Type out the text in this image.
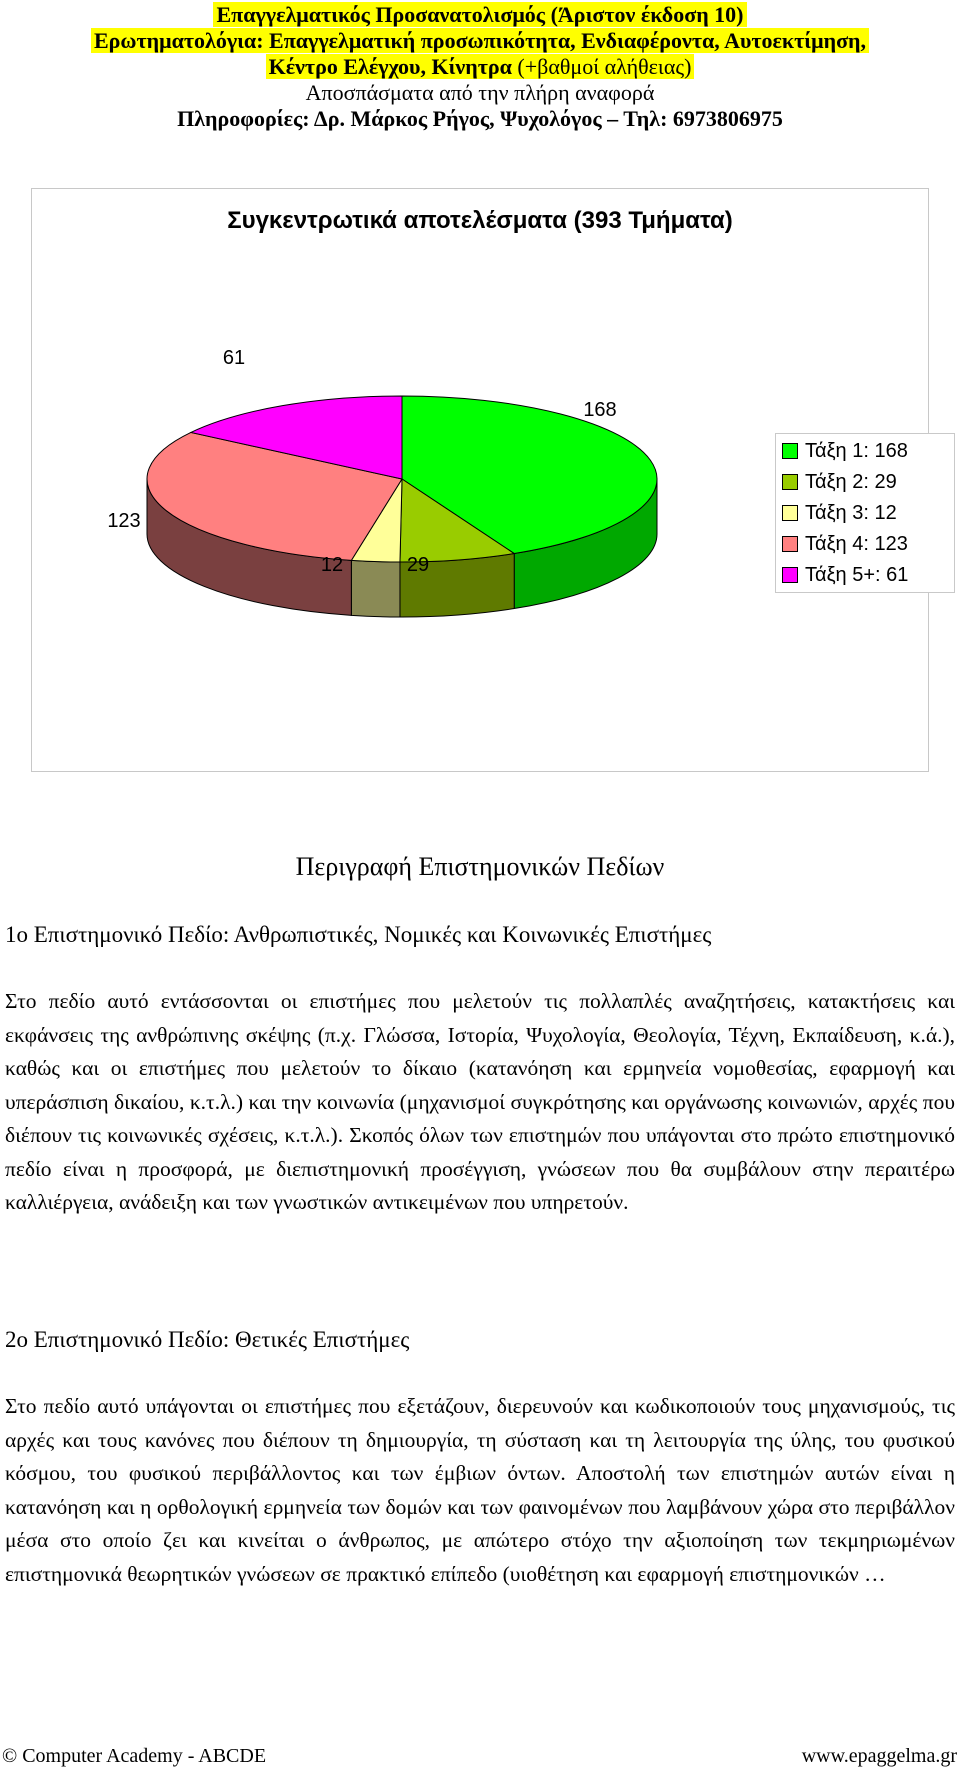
Επαγγελματικός Προσανατολισμός (Άριστον έκδοση 10)
Ερωτηματολόγια: Επαγγελματική προσωπικότητα, Ενδιαφέροντα, Αυτοεκτίμηση,
Κέντρο Ελέγχου, Κίνητρα (+βαθμοί αλήθειας)
Αποσπάσματα από την πλήρη αναφορά
Πληροφορίες: Δρ. Μάρκος Ρήγος, Ψυχολόγος – Τηλ: 6973806975
Συγκεντρωτικά αποτελέσματα (393 Τμήματα)
168
29
12
123
61
Τάξη 1: 168
Τάξη 2: 29
Τάξη 3: 12
Τάξη 4: 123
Τάξη 5+: 61
Περιγραφή Επιστημονικών Πεδίων
1ο Επιστημονικό Πεδίο: Ανθρωπιστικές, Νομικές και Κοινωνικές Επιστήμες
Στο πεδίο αυτό εντάσσονται οι επιστήμες που μελετούν τις πολλαπλές αναζητήσεις, κατακτήσεις και εκφάνσεις της ανθρώπινης σκέψης (π.χ. Γλώσσα, Ιστορία, Ψυχολογία, Θεολογία, Τέχνη, Εκπαίδευση, κ.ά.), καθώς και οι επιστήμες που μελετούν το δίκαιο (κατανόηση και ερμηνεία νομοθεσίας, εφαρμογή και υπεράσπιση δικαίου, κ.τ.λ.) και την κοινωνία (μηχανισμοί συγκρότησης και οργάνωσης κοινωνιών, αρχές που διέπουν τις κοινωνικές σχέσεις, κ.τ.λ.). Σκοπός όλων των επιστημών που υπάγονται στο πρώτο επιστημονικό πεδίο είναι η προσφορά, με διεπιστημονική προσέγγιση, γνώσεων που θα συμβάλουν στην περαιτέρω καλλιέργεια, ανάδειξη και των γνωστικών αντικειμένων που υπηρετούν.
2ο Επιστημονικό Πεδίο: Θετικές Επιστήμες
Στο πεδίο αυτό υπάγονται οι επιστήμες που εξετάζουν, διερευνούν και κωδικοποιούν τους μηχανισμούς, τις αρχές και τους κανόνες που διέπουν τη δημιουργία, τη σύσταση και τη λειτουργία της ύλης, του φυσικού κόσμου, του φυσικού περιβάλλοντος και των έμβιων όντων. Αποστολή των επιστημών αυτών είναι η κατανόηση και η ορθολογική ερμηνεία των δομών και των φαινομένων που λαμβάνουν χώρα στο περιβάλλον μέσα στο οποίο ζει και κινείται ο άνθρωπος, με απώτερο στόχο την αξιοποίηση των τεκμηριωμένων επιστημονικά θεωρητικών γνώσεων σε πρακτικό επίπεδο (υιοθέτηση και εφαρμογή επιστημονικών …
© Computer Academy - ABCDE	www.epaggelma.gr
